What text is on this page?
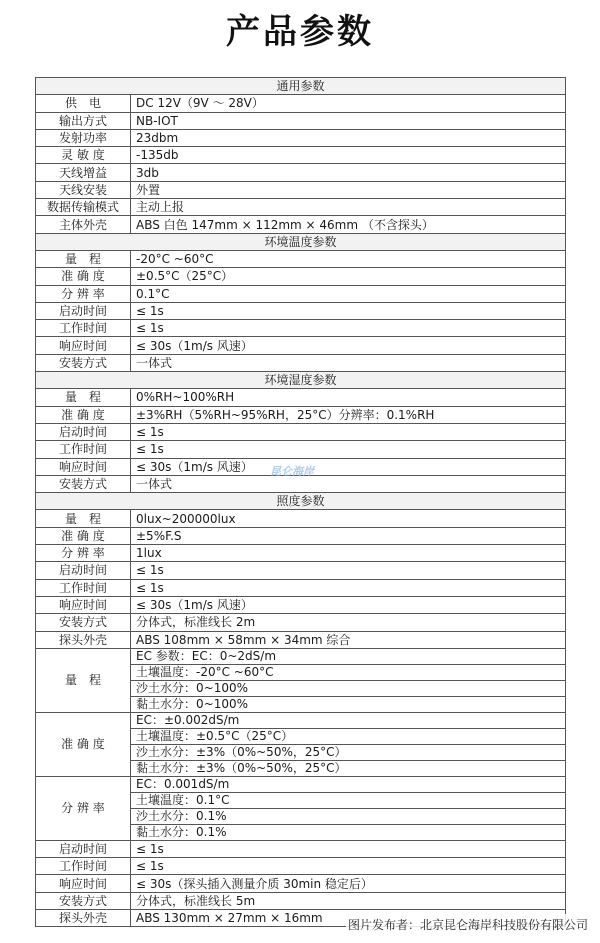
产品参数
通用参数	
供　电	DC 12V（9V ～ 28V）
输出方式	NB-IOT
发射功率	23dbm
灵 敏 度	-135db
天线增益	3db
天线安装	外置
数据传输模式	主动上报
主体外壳	ABS 白色 147mm × 112mm × 46mm （不含探头）
环境温度参数	
量　程	-20°C ~60°C
准 确 度	±0.5°C（25°C）
分 辨 率	0.1°C
启动时间	≤ 1s
工作时间	≤ 1s
响应时间	≤ 30s（1m/s 风速）
安装方式	一体式
环境湿度参数	
量　程	0%RH~100%RH
准 确 度	±3%RH（5%RH~95%RH，25°C）分辨率：0.1%RH
启动时间	≤ 1s
工作时间	≤ 1s
响应时间	≤ 30s（1m/s 风速）
安装方式	一体式
照度参数	
量　程	0lux~200000lux
准 确 度	±5%F.S
分 辨 率	1lux
启动时间	≤ 1s
工作时间	≤ 1s
响应时间	≤ 30s（1m/s 风速）
安装方式	分体式，标准线长 2m
探头外壳	ABS 108mm × 58mm × 34mm 综合
量　程	EC 参数：EC：0~2dS/m
土壤温度：-20°C ~60°C
沙土水分：0~100%
黏土水分：0~100%

准 确 度	EC：±0.002dS/m
土壤温度：±0.5°C（25°C）
沙土水分：±3%（0%~50%，25°C）
黏土水分：±3%（0%~50%，25°C）

分 辨 率	EC：0.001dS/m
土壤温度：0.1°C
沙土水分：0.1%
黏土水分：0.1%

启动时间	≤ 1s
工作时间	≤ 1s
响应时间	≤ 30s（探头插入测量介质 30min 稳定后）
安装方式	分体式，标准线长 5m
探头外壳	ABS 130mm × 27mm × 16mm
昆仑海岸
图片发布者：北京昆仑海岸科技股份有限公司
